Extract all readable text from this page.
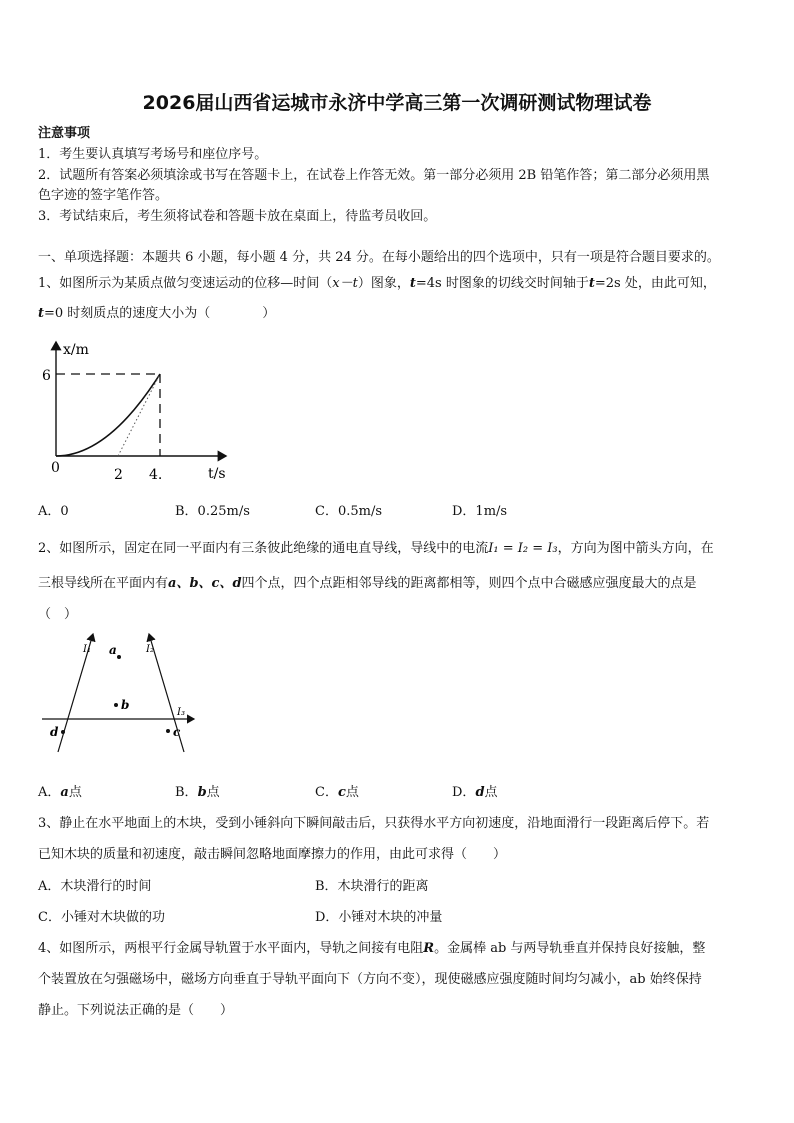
2026届山西省运城市永济中学高三第一次调研测试物理试卷
注意事项
1．考生要认真填写考场号和座位序号。
2．试题所有答案必须填涂或书写在答题卡上，在试卷上作答无效。第一部分必须用 2B 铅笔作答；第二部分必须用黑
色字迹的签字笔作答。
3．考试结束后，考生须将试卷和答题卡放在桌面上，待监考员收回。
一、单项选择题：本题共 6 小题，每小题 4 分，共 24 分。在每小题给出的四个选项中，只有一项是符合题目要求的。
1、如图所示为某质点做匀变速运动的位移—时间（x－t）图象，t=4s 时图象的切线交时间轴于t=2s 处，由此可知，
t=0 时刻质点的速度大小为（　　　　）
x/m
t/s
0
6
2 4.
A．0	B．0.25m/s	C．0.5m/s	D．1m/s
2、如图所示，固定在同一平面内有三条彼此绝缘的通电直导线，导线中的电流I₁ = I₂ = I₃，方向为图中箭头方向，在
三根导线所在平面内有a、b、c、d四个点，四个点距相邻导线的距离都相等，则四个点中合磁感应强度最大的点是
（　）
I₁	I₂
I₃
a
b
c
d
A．a点	B．b点	C．c点	D．d点
3、静止在水平地面上的木块，受到小锤斜向下瞬间敲击后，只获得水平方向初速度，沿地面滑行一段距离后停下。若
已知木块的质量和初速度，敲击瞬间忽略地面摩擦力的作用，由此可求得（　　）
A．木块滑行的时间	B．木块滑行的距离
C．小锤对木块做的功	D．小锤对木块的冲量
4、如图所示，两根平行金属导轨置于水平面内，导轨之间接有电阻R。金属棒 ab 与两导轨垂直并保持良好接触，整
个装置放在匀强磁场中，磁场方向垂直于导轨平面向下（方向不变），现使磁感应强度随时间均匀减小，ab 始终保持
静止。下列说法正确的是（　　）
